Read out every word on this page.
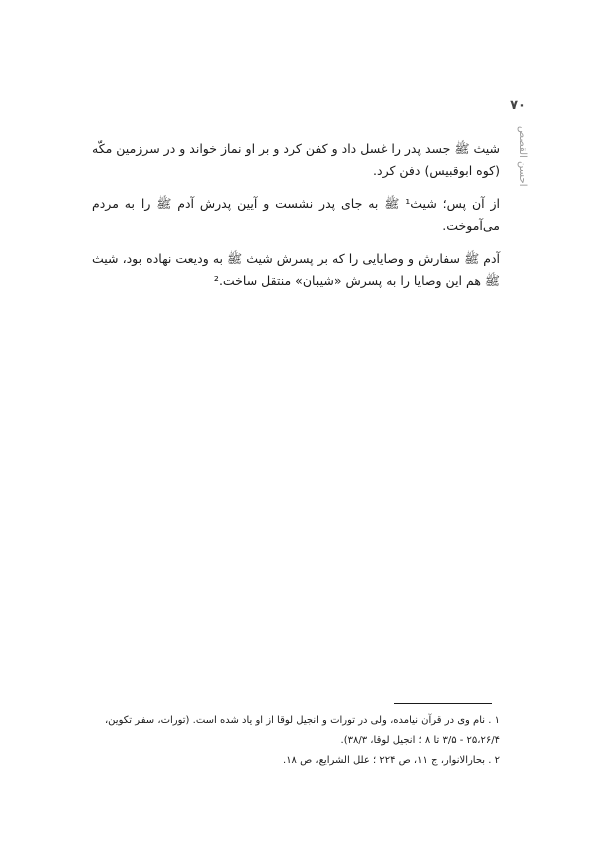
۷۰
احسن القصص

شیث ﷺ جسد پدر را غسل داد و کفن کرد و بر او نماز خواند و در سرزمین مکّه (کوه ابوقبیس) دفن کرد.

از آن پس؛ شیث¹ ﷺ به جای پدر نشست و آیین پدرش آدم ﷺ را به مردم می‌آموخت.

آدم ﷺ سفارش و وصایایی را که بر پسرش شیث ﷺ به ودیعت نهاده بود، شیث ﷺ هم این وصایا را به پسرش «شیبان» منتقل ساخت.²

۱ . نام وی در قرآن نیامده، ولی در تورات و انجیل لوقا از او یاد شده است. (تورات، سفر تکوین، ۲۵،۲۶/۴ - ۳/۵ تا ۸ ؛ انجیل لوقا، ۳۸/۳).

۲ . بحارالانوار، ج ۱۱، ص ۲۲۴ ؛ علل الشرایع، ص ۱۸.
